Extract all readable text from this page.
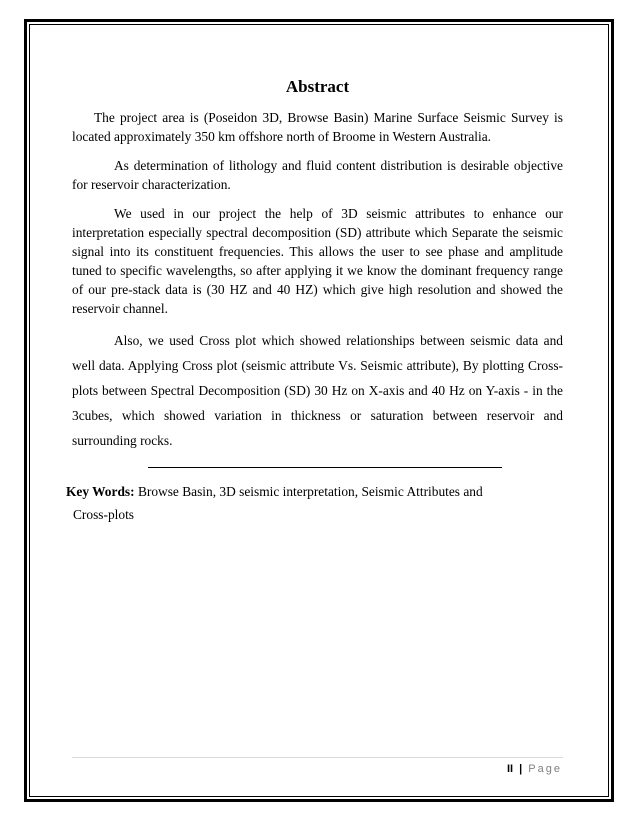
Abstract

The project area is (Poseidon 3D, Browse Basin) Marine Surface Seismic Survey is located approximately 350 km offshore north of Broome in Western Australia.

As determination of lithology and fluid content distribution is desirable objective for reservoir characterization.

We used in our project the help of 3D seismic attributes to enhance our interpretation especially spectral decomposition (SD) attribute which Separate the seismic signal into its constituent frequencies. This allows the user to see phase and amplitude tuned to specific wavelengths, so after applying it we know the dominant frequency range of our pre-stack data is (30 HZ and 40 HZ) which give high resolution and showed the reservoir channel.

Also, we used Cross plot which showed relationships between seismic data and well data. Applying Cross plot (seismic attribute Vs. Seismic attribute), By plotting Cross-plots between Spectral Decomposition (SD) 30 Hz on X-axis and 40 Hz on Y-axis - in the 3cubes, which showed variation in thickness or saturation between reservoir and surrounding rocks.

Key Words: Browse Basin, 3D seismic interpretation, Seismic Attributes and
Cross-plots
II | Page
